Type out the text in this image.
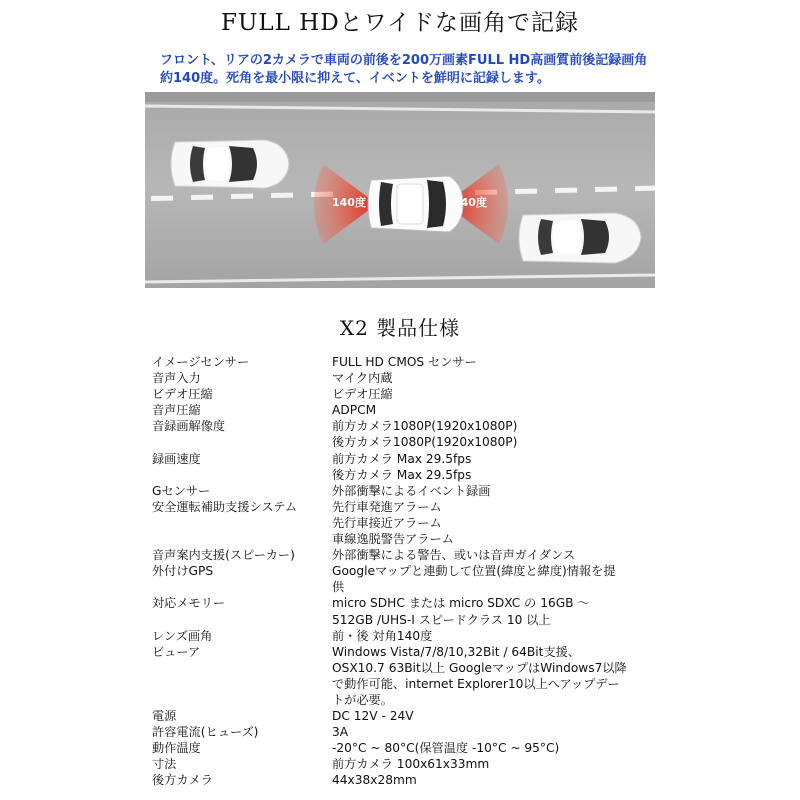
FULL HDとワイドな画角で記録
フロント、リアの2カメラで車両の前後を200万画素FULL HD高画質前後記録画角
約140度。死角を最小限に抑えて、イベントを鮮明に記録します。
140度	140度
X2 製品仕様
イメージセンサー	FULL HD CMOS センサー
音声入力	マイク内蔵
ビデオ圧縮	ビデオ圧縮
音声圧縮	ADPCM
音録画解像度	前方カメラ1080P(1920x1080P)
後方カメラ1080P(1920x1080P)
録画速度	前方カメラ Max 29.5fps
後方カメラ Max 29.5fps
Gセンサー	外部衝撃によるイベント録画
安全運転補助支援システム	先行車発進アラーム
先行車接近アラーム
車線逸脱警告アラーム
音声案内支援(スピーカー)	外部衝撃による警告、或いは音声ガイダンス
外付けGPS	Googleマップと連動して位置(緯度と緯度)情報を提
供
対応メモリー	micro SDHC または micro SDXC の 16GB ～
512GB /UHS-I スピードクラス 10 以上
レンズ画角	前・後 対角140度
ビューア	Windows Vista/7/8/10,32Bit / 64Bit支援、
OSX10.7 63Bit以上 GoogleマップはWindows7以降
で動作可能、internet Explorer10以上へアップデー
トが必要。
電源	DC 12V - 24V
許容電流(ヒューズ)	3A
動作温度	-20°C ~ 80°C(保管温度 -10°C ~ 95°C)
寸法	前方カメラ 100x61x33mm
後方カメラ	44x38x28mm
